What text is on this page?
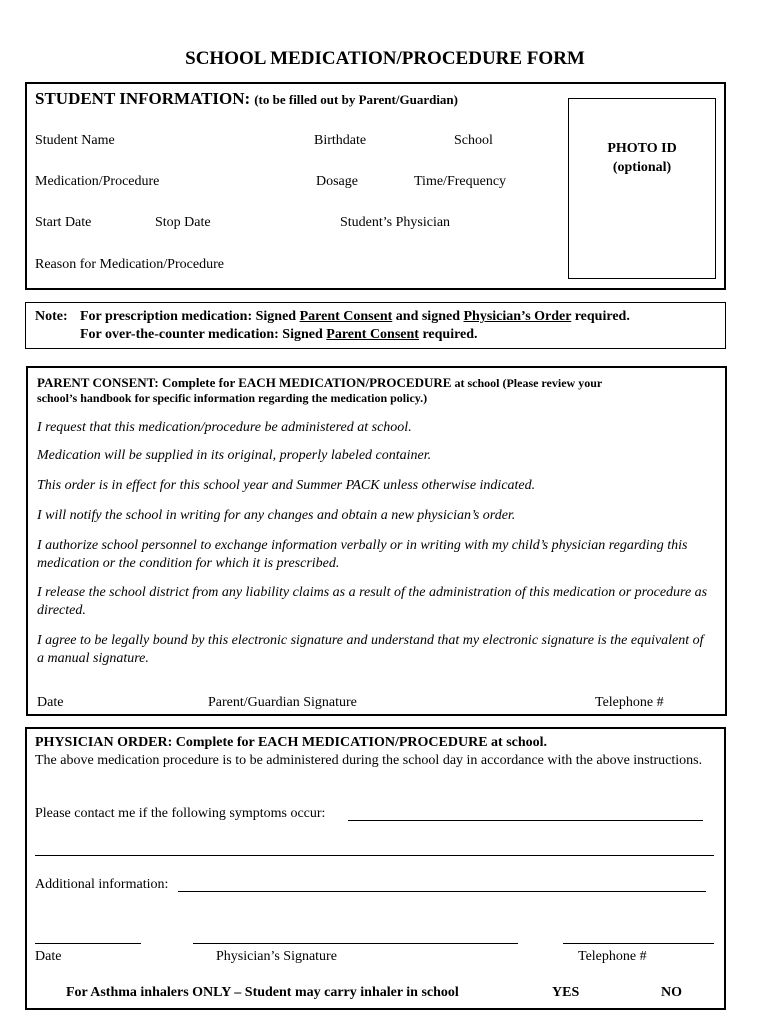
SCHOOL MEDICATION/PROCEDURE FORM
STUDENT INFORMATION: (to be filled out by Parent/Guardian)
Student Name	Birthdate	School
Medication/Procedure	Dosage	Time/Frequency
Start Date	Stop Date	Student’s Physician
Reason for Medication/Procedure
PHOTO ID
(optional)
Note: For prescription medication: Signed Parent Consent and signed Physician’s Order required.
For over-the-counter medication: Signed Parent Consent required.
PARENT CONSENT: Complete for EACH MEDICATION/PROCEDURE at school (Please review your
school’s handbook for specific information regarding the medication policy.)
I request that this medication/procedure be administered at school.
Medication will be supplied in its original, properly labeled container.
This order is in effect for this school year and Summer PACK unless otherwise indicated.
I will notify the school in writing for any changes and obtain a new physician’s order.
I authorize school personnel to exchange information verbally or in writing with my child’s physician regarding this medication or the condition for which it is prescribed.
I release the school district from any liability claims as a result of the administration of this medication or procedure as directed.
I agree to be legally bound by this electronic signature and understand that my electronic signature is the equivalent of a manual signature.
Date	Parent/Guardian Signature	Telephone #
PHYSICIAN ORDER: Complete for EACH MEDICATION/PROCEDURE at school.
The above medication procedure is to be administered during the school day in accordance with the above instructions.
Please contact me if the following symptoms occur:
Additional information:
Date	Physician’s Signature	Telephone #
For Asthma inhalers ONLY – Student may carry inhaler in school	YES	NO
